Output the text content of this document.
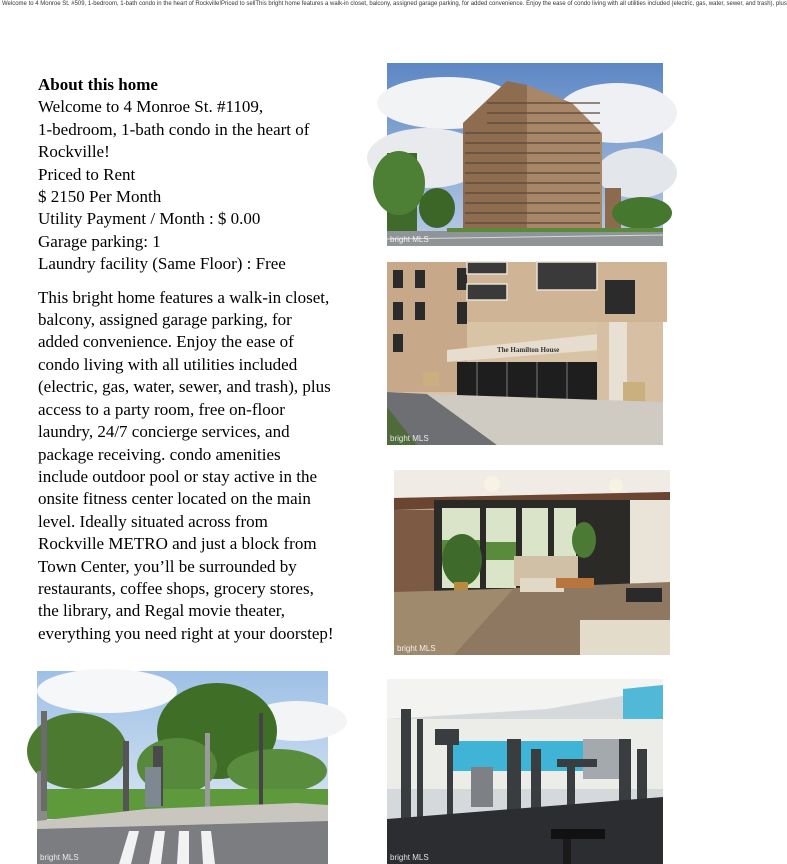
Welcome to 4 Monroe St. #509, 1-bedroom, 1-bath condo in the heart of Rockville!Priced to sellThis bright home features a walk-in closet, balcony, assigned garage parking, for added convenience. Enjoy the ease of condo living with all utilities included (electric, gas, water, sewer, and trash), plus
About this home
Welcome to 4 Monroe St. #1109,
1-bedroom, 1-bath condo in the heart of
Rockville!
Priced to Rent
$ 2150 Per Month
Utility Payment / Month : $ 0.00
Garage parking: 1
Laundry facility (Same Floor) : Free
This bright home features a walk-in closet,
balcony, assigned garage parking, for
added convenience. Enjoy the ease of
condo living with all utilities included
(electric, gas, water, sewer, and trash), plus
access to a party room, free on-floor
laundry, 24/7 concierge services, and
package receiving. condo amenities
include outdoor pool or stay active in the
onsite fitness center located on the main
level. Ideally situated across from
Rockville METRO and just a block from
Town Center, you’ll be surrounded by
restaurants, coffee shops, grocery stores,
the library, and Regal movie theater,
everything you need right at your doorstep!
bright MLS
The Hamilton House
bright MLS
bright MLS
bright MLS	bright MLS
